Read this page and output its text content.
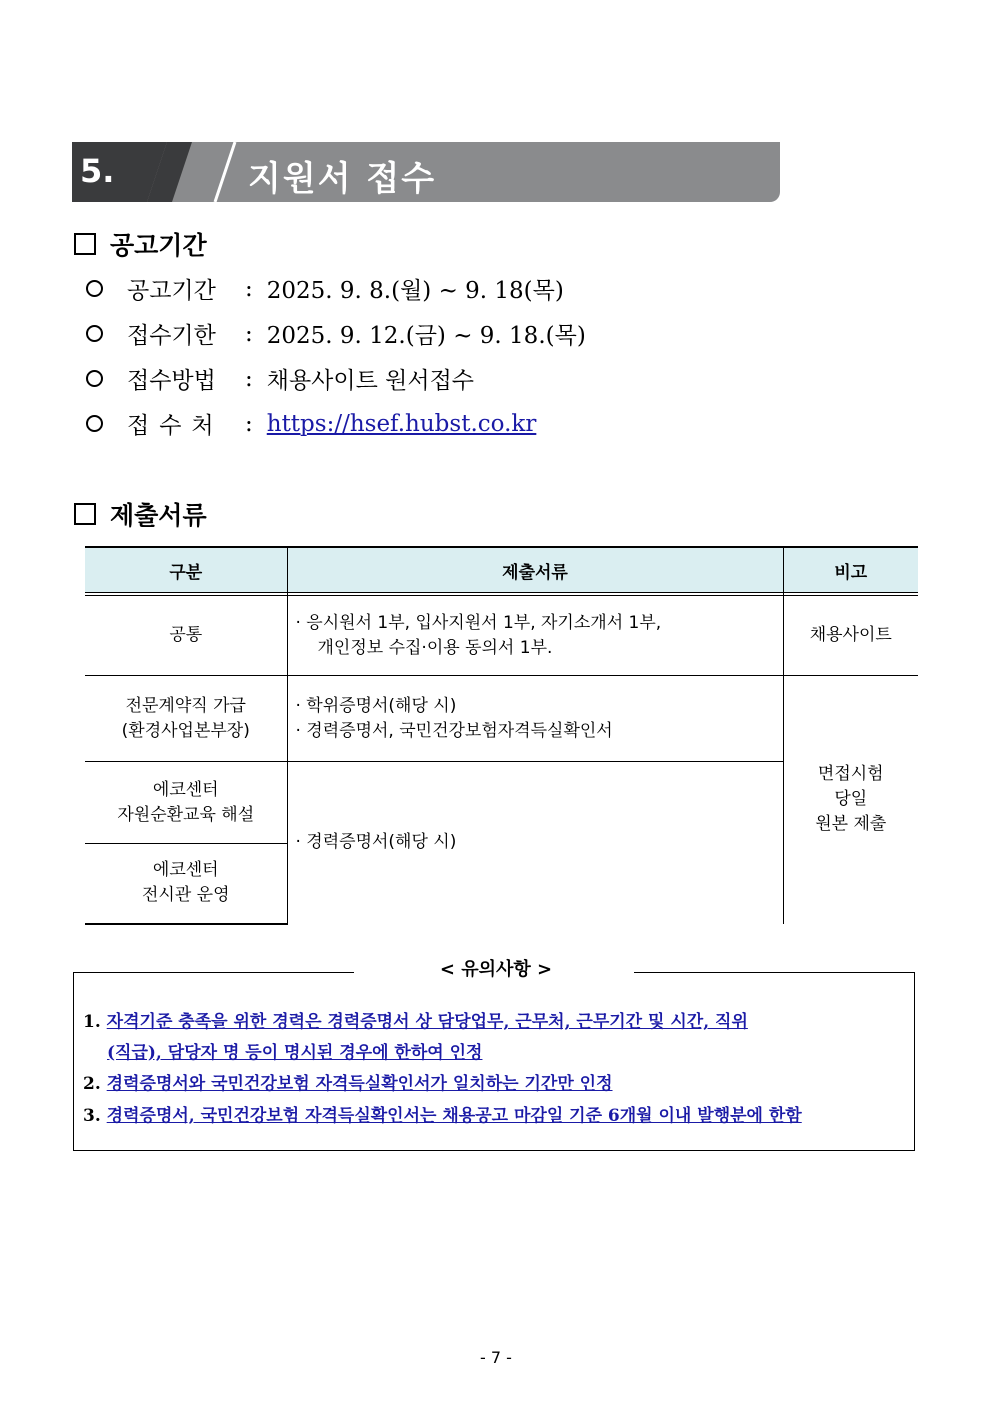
5.	지원서 접수
공고기간
공고기간	: 2025. 9. 8.(월) ~ 9. 18(목)
접수기한	: 2025. 9. 12.(금) ~ 9. 18.(목)
접수방법	: 채용사이트 원서접수
접수처 : https://hsef.hubst.co.kr
제출서류
구분	제출서류	비고

공통	· 응시원서 1부, 입사지원서 1부, 자기소개서 1부,
개인정보 수집·이용 동의서 1부.	채용사이트

전문계약직 가급
(환경사업본부장)	· 학위증명서(해당 시)
· 경력증명서, 국민건강보험자격득실확인서	면접시험
당일
원본 제출

에코센터
자원순환교육 해설	· 경력증명서(해당 시)	

에코센터
전시관 운영		
< 유의사항 >
1. 자격기준 충족을 위한 경력은 경력증명서 상 담당업무, 근무처, 근무기간 및 시간, 직위
(직급), 담당자 명 등이 명시된 경우에 한하여 인정
2. 경력증명서와 국민건강보험 자격득실확인서가 일치하는 기간만 인정
3. 경력증명서, 국민건강보험 자격득실확인서는 채용공고 마감일 기준 6개월 이내 발행분에 한함
- 7 -
